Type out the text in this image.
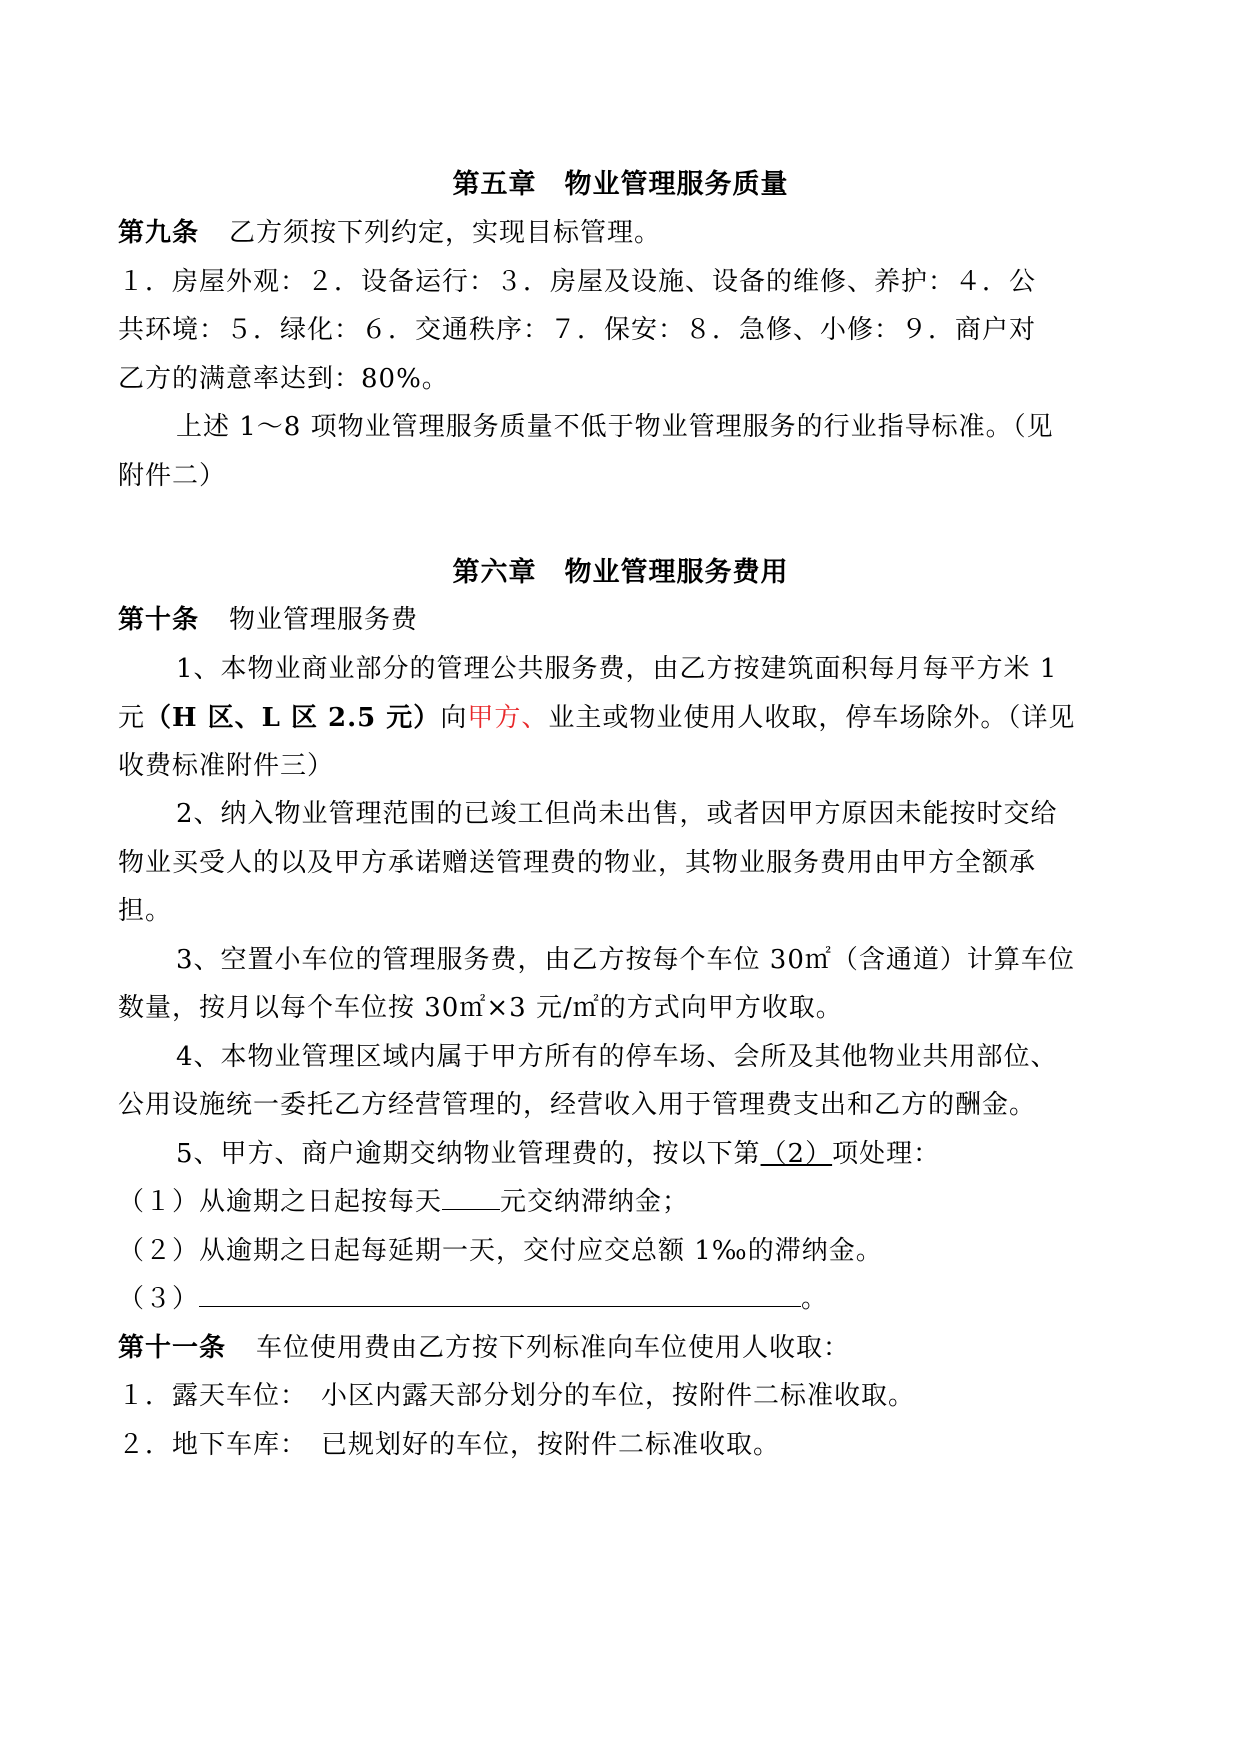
第五章 物业管理服务质量
第九条 乙方须按下列约定，实现目标管理。
１．房屋外观：２．设备运行：３．房屋及设施、设备的维修、养护：４．公
共环境：５．绿化：６．交通秩序：７．保安：８．急修、小修：９．商户对
乙方的满意率达到：80%。
上述 1～8 项物业管理服务质量不低于物业管理服务的行业指导标准。（见
附件二）
第六章 物业管理服务费用
第十条 物业管理服务费
1、本物业商业部分的管理公共服务费，由乙方按建筑面积每月每平方米 1
元（H 区、L 区 2.5 元）向甲方、业主或物业使用人收取，停车场除外。（详见
收费标准附件三）
2、纳入物业管理范围的已竣工但尚未出售，或者因甲方原因未能按时交给
物业买受人的以及甲方承诺赠送管理费的物业，其物业服务费用由甲方全额承
担。
3、空置小车位的管理服务费，由乙方按每个车位 30㎡（含通道）计算车位
数量，按月以每个车位按 30㎡×3 元/㎡的方式向甲方收取。
4、本物业管理区域内属于甲方所有的停车场、会所及其他物业共用部位、
公用设施统一委托乙方经营管理的，经营收入用于管理费支出和乙方的酬金。
5、甲方、商户逾期交纳物业管理费的，按以下第（2）项处理：
（１）从逾期之日起按每天 元交纳滞纳金；
（２）从逾期之日起每延期一天，交付应交总额 1‰的滞纳金。
（３）	。
第十一条 车位使用费由乙方按下列标准向车位使用人收取：
１．露天车位：　小区内露天部分划分的车位，按附件二标准收取。
２．地下车库：　已规划好的车位，按附件二标准收取。
